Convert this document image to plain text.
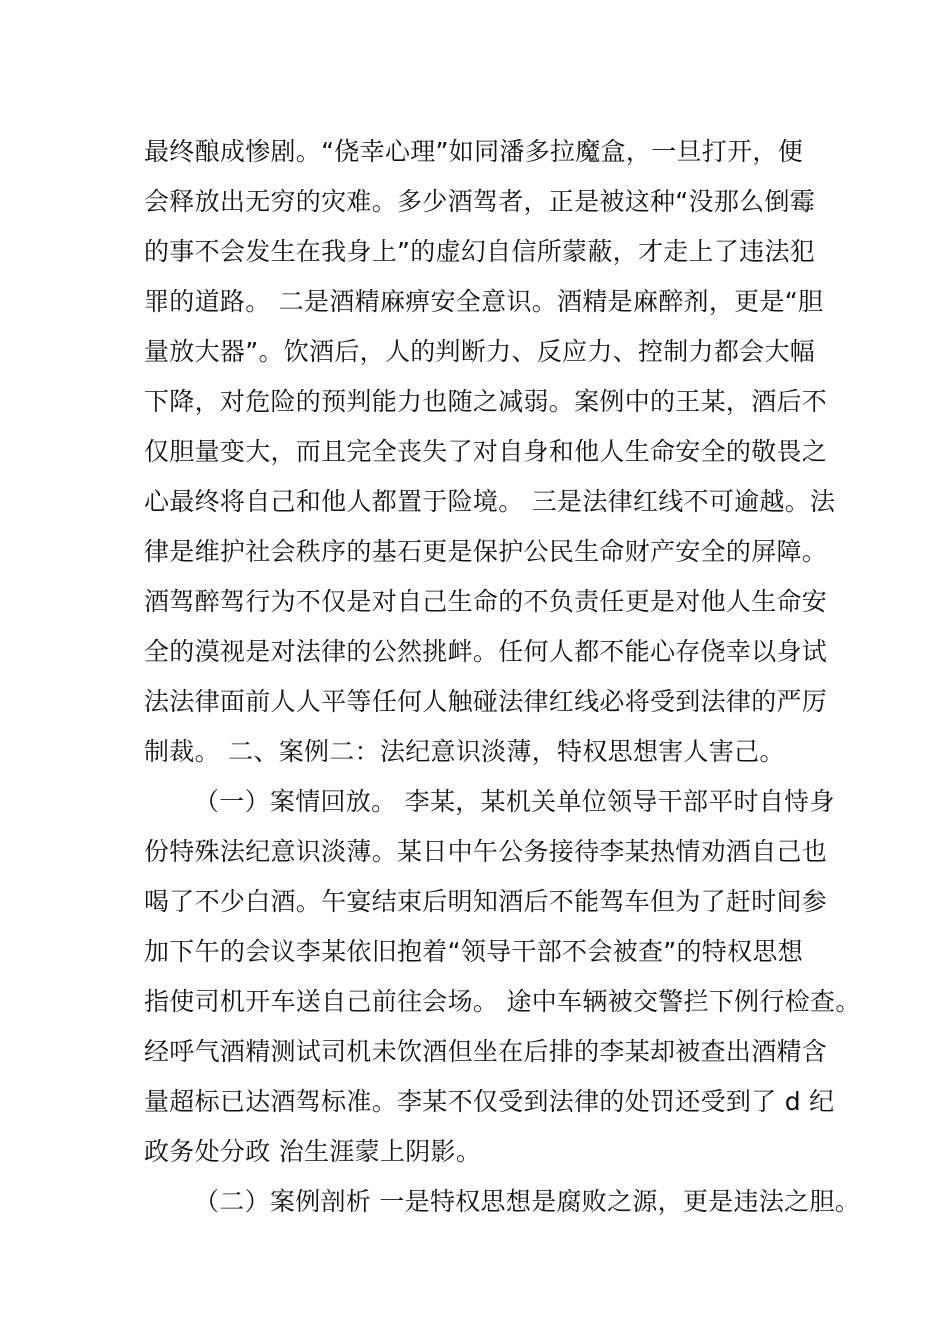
最终酿成惨剧。“侥幸心理”如同潘多拉魔盒，一旦打开，便
会释放出无穷的灾难。多少酒驾者，正是被这种“没那么倒霉
的事不会发生在我身上”的虚幻自信所蒙蔽，才走上了违法犯
罪的道路。 二是酒精麻痹安全意识。酒精是麻醉剂，更是“胆
量放大器”。饮酒后，人的判断力、反应力、控制力都会大幅
下降，对危险的预判能力也随之减弱。案例中的王某，酒后不
仅胆量变大，而且完全丧失了对自身和他人生命安全的敬畏之
心最终将自己和他人都置于险境。 三是法律红线不可逾越。法
律是维护社会秩序的基石更是保护公民生命财产安全的屏障。
酒驾醉驾行为不仅是对自己生命的不负责任更是对他人生命安
全的漠视是对法律的公然挑衅。任何人都不能心存侥幸以身试
法法律面前人人平等任何人触碰法律红线必将受到法律的严厉
制裁。 二、案例二：法纪意识淡薄，特权思想害人害己。
（一）案情回放。 李某，某机关单位领导干部平时自恃身
份特殊法纪意识淡薄。某日中午公务接待李某热情劝酒自己也
喝了不少白酒。午宴结束后明知酒后不能驾车但为了赶时间参
加下午的会议李某依旧抱着“领导干部不会被查”的特权思想
指使司机开车送自己前往会场。 途中车辆被交警拦下例行检查。
经呼气酒精测试司机未饮酒但坐在后排的李某却被查出酒精含
量超标已达酒驾标准。李某不仅受到法律的处罚还受到了 d 纪
政务处分政 治生涯蒙上阴影。
（二）案例剖析 一是特权思想是腐败之源，更是违法之胆。
